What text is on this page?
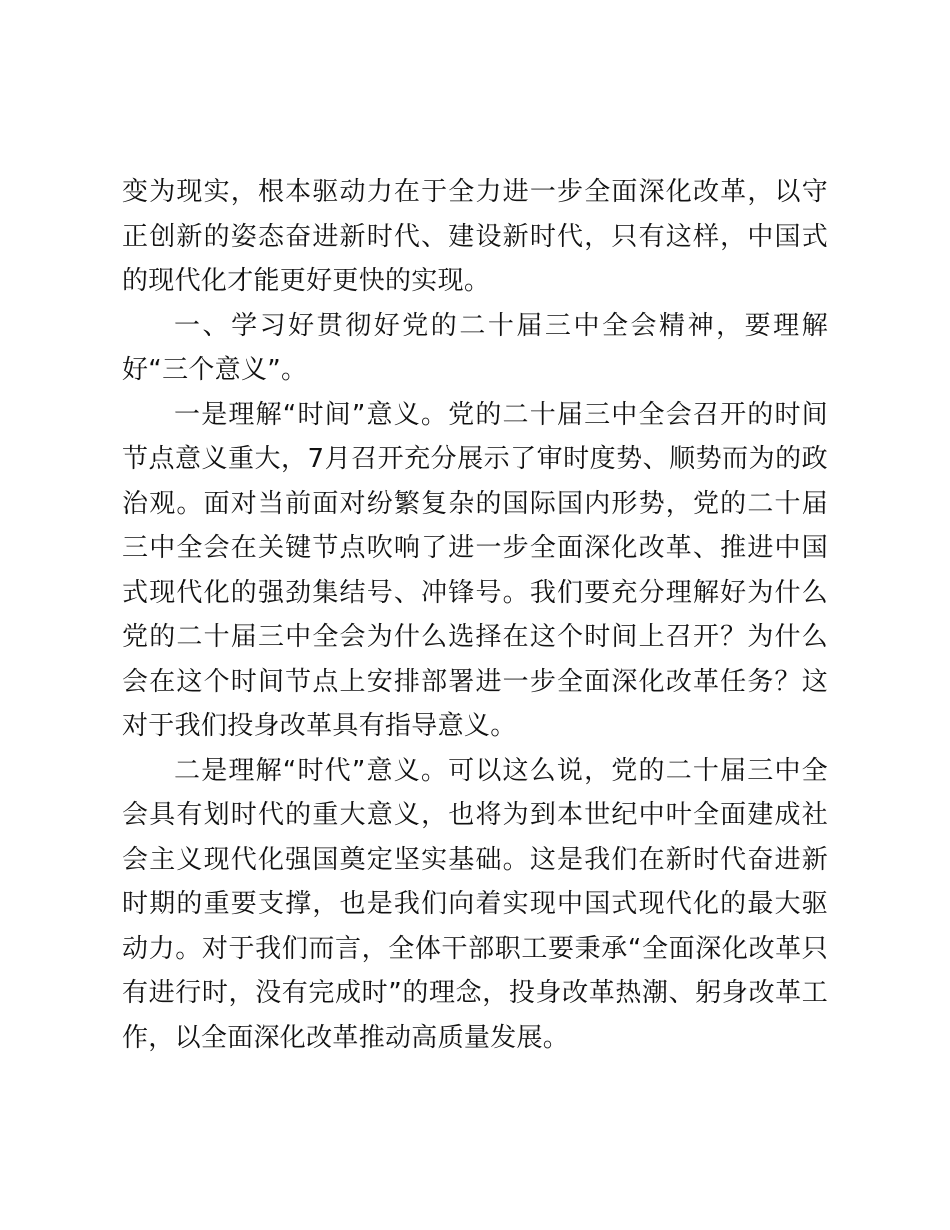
变为现实，根本驱动力在于全力进一步全面深化改革，以守正创新的姿态奋进新时代、建设新时代，只有这样，中国式的现代化才能更好更快的实现。

一、学习好贯彻好党的二十届三中全会精神，要理解好“三个意义”。

一是理解“时间”意义。党的二十届三中全会召开的时间节点意义重大，7月召开充分展示了审时度势、顺势而为的政治观。面对当前面对纷繁复杂的国际国内形势，党的二十届三中全会在关键节点吹响了进一步全面深化改革、推进中国式现代化的强劲集结号、冲锋号。我们要充分理解好为什么党的二十届三中全会为什么选择在这个时间上召开？为什么会在这个时间节点上安排部署进一步全面深化改革任务？这对于我们投身改革具有指导意义。

二是理解“时代”意义。可以这么说，党的二十届三中全会具有划时代的重大意义，也将为到本世纪中叶全面建成社会主义现代化强国奠定坚实基础。这是我们在新时代奋进新时期的重要支撑，也是我们向着实现中国式现代化的最大驱动力。对于我们而言，全体干部职工要秉承“全面深化改革只有进行时，没有完成时”的理念，投身改革热潮、躬身改革工作，以全面深化改革推动高质量发展。
